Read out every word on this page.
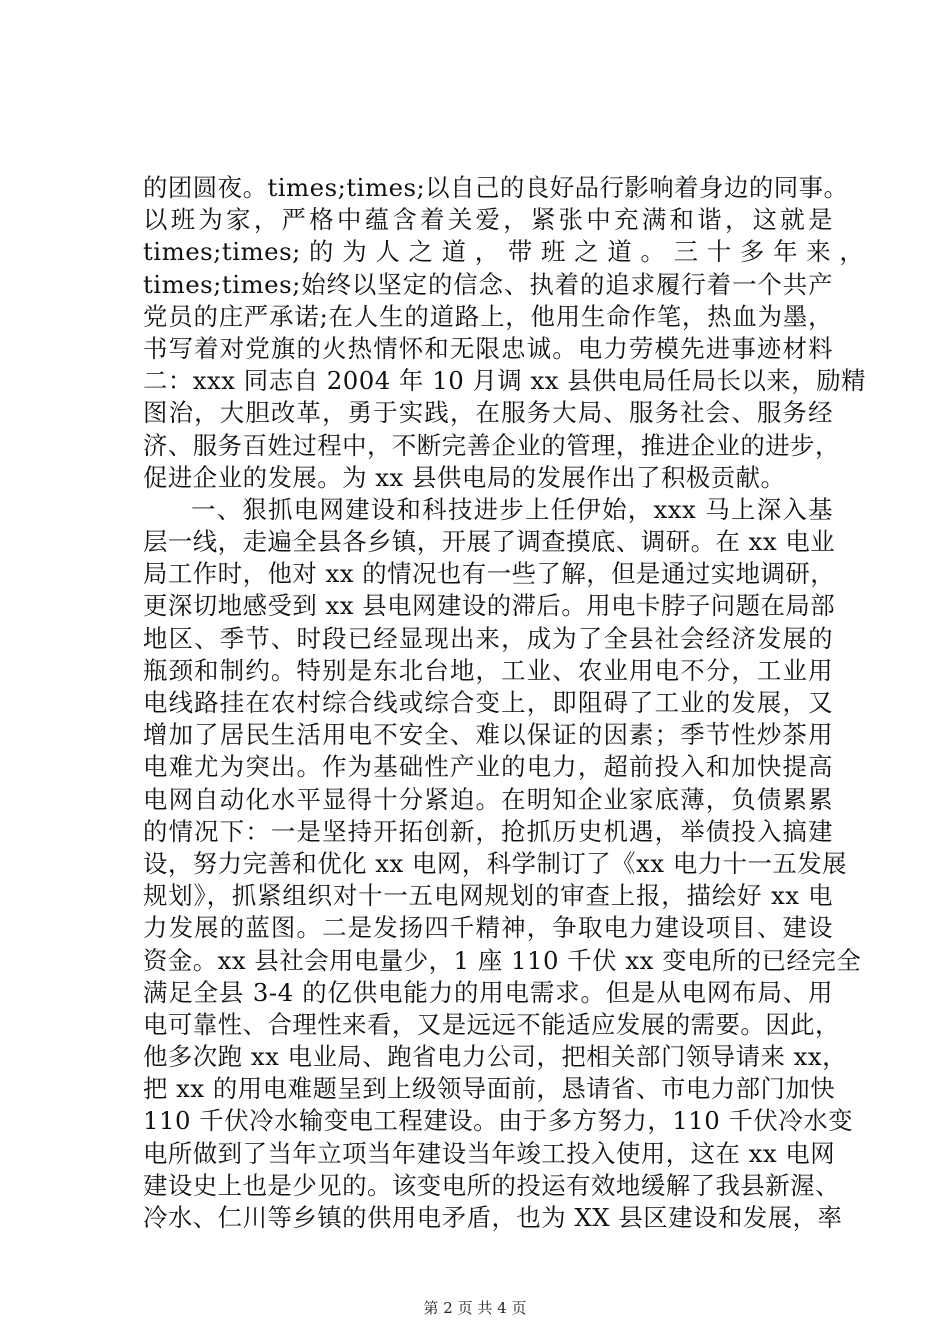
的团圆夜。times;times;以自己的良好品行影响着身边的同事。
以班为家，严格中蕴含着关爱，紧张中充满和谐，这就是
times;times; 的 为 人 之 道 ， 带 班 之 道 。 三 十 多 年 来 ，
times;times;始终以坚定的信念、执着的追求履行着一个共产
党员的庄严承诺;在人生的道路上，他用生命作笔，热血为墨，
书写着对党旗的火热情怀和无限忠诚。电力劳模先进事迹材料
二：xxx 同志自 2004 年 10 月调 xx 县供电局任局长以来，励精
图治，大胆改革，勇于实践，在服务大局、服务社会、服务经
济、服务百姓过程中，不断完善企业的管理，推进企业的进步，
促进企业的发展。为 xx 县供电局的发展作出了积极贡献。
一、狠抓电网建设和科技进步上任伊始，xxx 马上深入基
层一线，走遍全县各乡镇，开展了调查摸底、调研。在 xx 电业
局工作时，他对 xx 的情况也有一些了解，但是通过实地调研，
更深切地感受到 xx 县电网建设的滞后。用电卡脖子问题在局部
地区、季节、时段已经显现出来，成为了全县社会经济发展的
瓶颈和制约。特别是东北台地，工业、农业用电不分，工业用
电线路挂在农村综合线或综合变上，即阻碍了工业的发展，又
增加了居民生活用电不安全、难以保证的因素；季节性炒茶用
电难尤为突出。作为基础性产业的电力，超前投入和加快提高
电网自动化水平显得十分紧迫。在明知企业家底薄，负债累累
的情况下：一是坚持开拓创新，抢抓历史机遇，举债投入搞建
设，努力完善和优化 xx 电网，科学制订了《xx 电力十一五发展
规划》，抓紧组织对十一五电网规划的审查上报，描绘好 xx 电
力发展的蓝图。二是发扬四千精神，争取电力建设项目、建设
资金。xx 县社会用电量少，1 座 110 千伏 xx 变电所的已经完全
满足全县 3-4 的亿供电能力的用电需求。但是从电网布局、用
电可靠性、合理性来看，又是远远不能适应发展的需要。因此，
他多次跑 xx 电业局、跑省电力公司，把相关部门领导请来 xx，
把 xx 的用电难题呈到上级领导面前，恳请省、市电力部门加快
110 千伏冷水输变电工程建设。由于多方努力，110 千伏冷水变
电所做到了当年立项当年建设当年竣工投入使用，这在 xx 电网
建设史上也是少见的。该变电所的投运有效地缓解了我县新渥、
冷水、仁川等乡镇的供用电矛盾，也为 XX 县区建设和发展，率
第 2 页 共 4 页
